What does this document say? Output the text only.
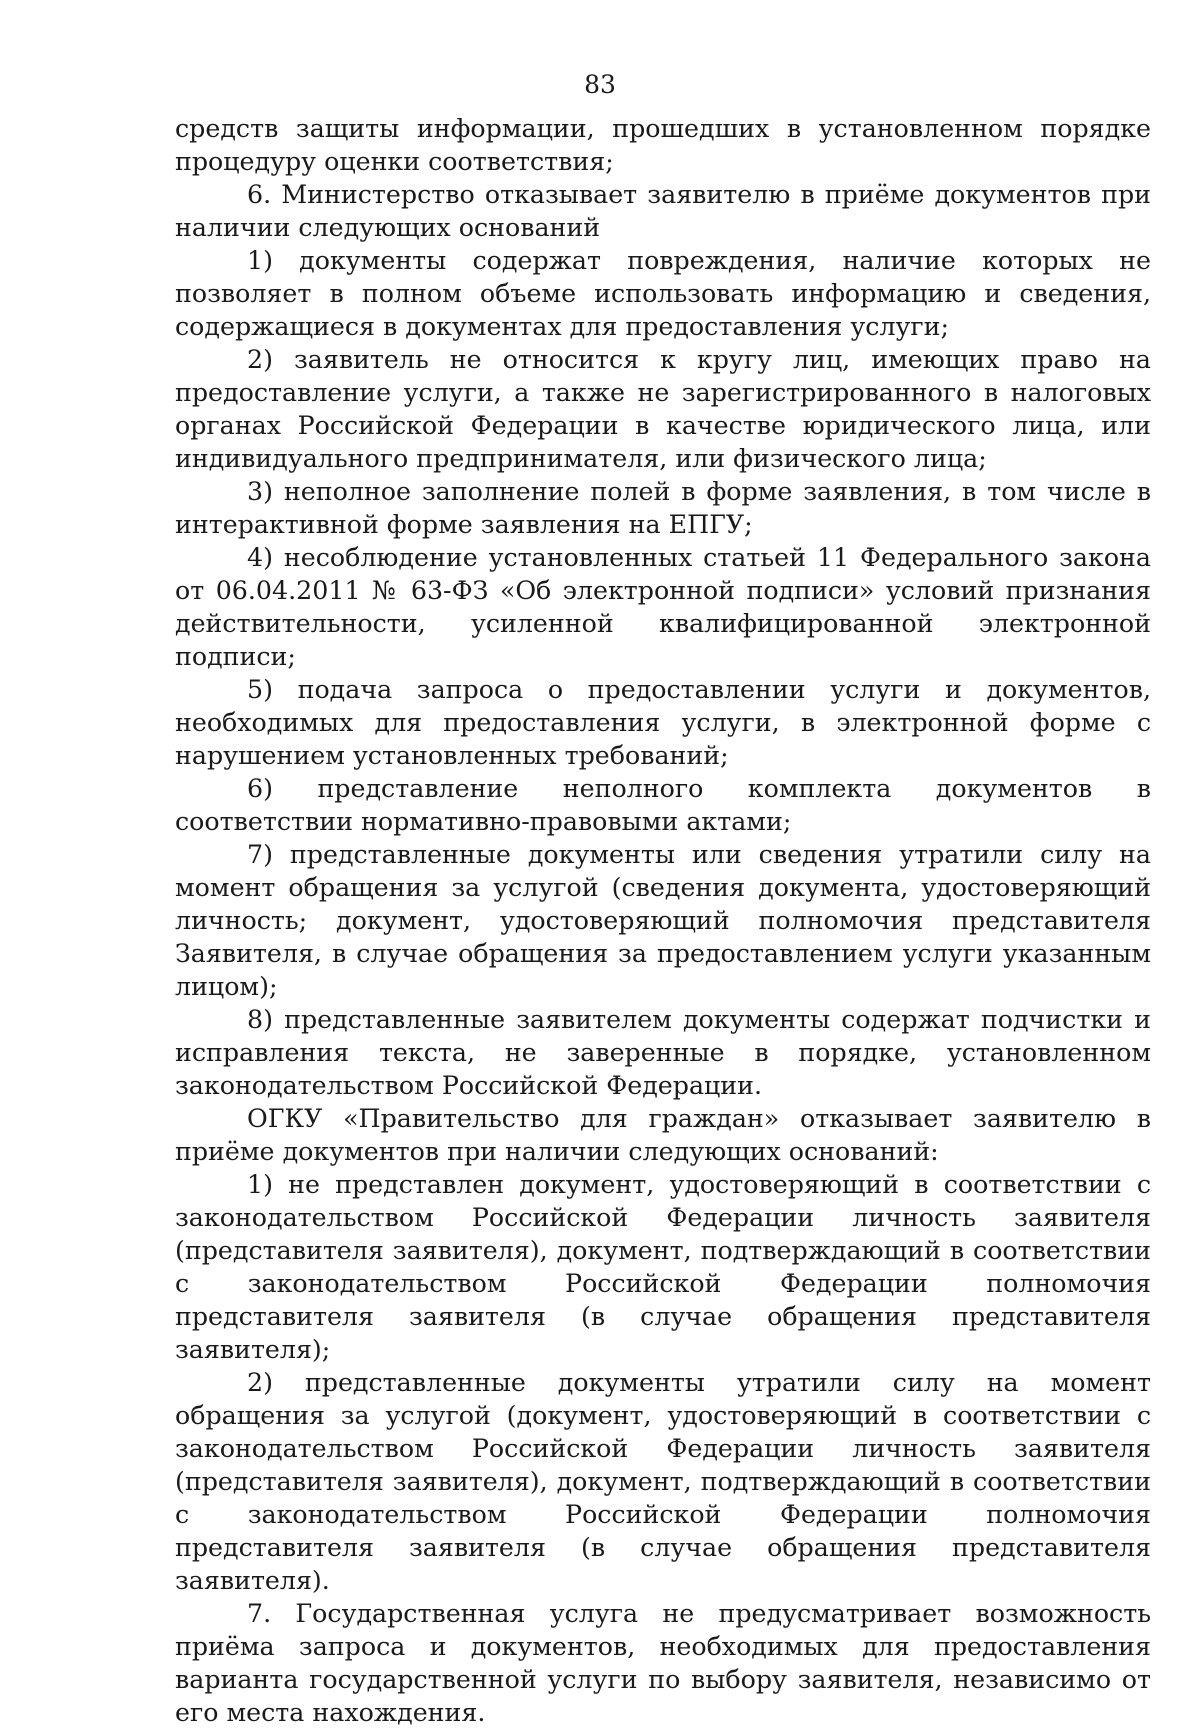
83

средств защиты информации, прошедших в установленном порядке процедуру оценки соответствия;

6. Министерство отказывает заявителю в приёме документов при наличии следующих оснований

1) документы содержат повреждения, наличие которых не позволяет в полном объеме использовать информацию и сведения, содержащиеся в документах для предоставления услуги;

2) заявитель не относится к кругу лиц, имеющих право на предоставление услуги, а также не зарегистрированного в налоговых органах Российской Федерации в качестве юридического лица, или индивидуального предпринимателя, или физического лица;

3) неполное заполнение полей в форме заявления, в том числе в интерактивной форме заявления на ЕПГУ;

4) несоблюдение установленных статьей 11 Федерального закона от 06.04.2011 № 63-ФЗ «Об электронной подписи» условий признания действительности, усиленной квалифицированной электронной подписи;

5) подача запроса о предоставлении услуги и документов, необходимых для предоставления услуги, в электронной форме с нарушением установленных требований;

6) представление неполного комплекта документов в соответствии нормативно-правовыми актами;

7) представленные документы или сведения утратили силу на момент обращения за услугой (сведения документа, удостоверяющий личность; документ, удостоверяющий полномочия представителя Заявителя, в случае обращения за предоставлением услуги указанным лицом);

8) представленные заявителем документы содержат подчистки и исправления текста, не заверенные в порядке, установленном законодательством Российской Федерации.

ОГКУ «Правительство для граждан» отказывает заявителю в приёме документов при наличии следующих оснований:

1) не представлен документ, удостоверяющий в соответствии с законодательством Российской Федерации личность заявителя (представителя заявителя), документ, подтверждающий в соответствии с законодательством Российской Федерации полномочия представителя заявителя (в случае обращения представителя заявителя);

2) представленные документы утратили силу на момент обращения за услугой (документ, удостоверяющий в соответствии с законодательством Российской Федерации личность заявителя (представителя заявителя), документ, подтверждающий в соответствии с законодательством Российской Федерации полномочия представителя заявителя (в случае обращения представителя заявителя).

7. Государственная услуга не предусматривает возможность приёма запроса и документов, необходимых для предоставления варианта государственной услуги по выбору заявителя, независимо от его места нахождения.
